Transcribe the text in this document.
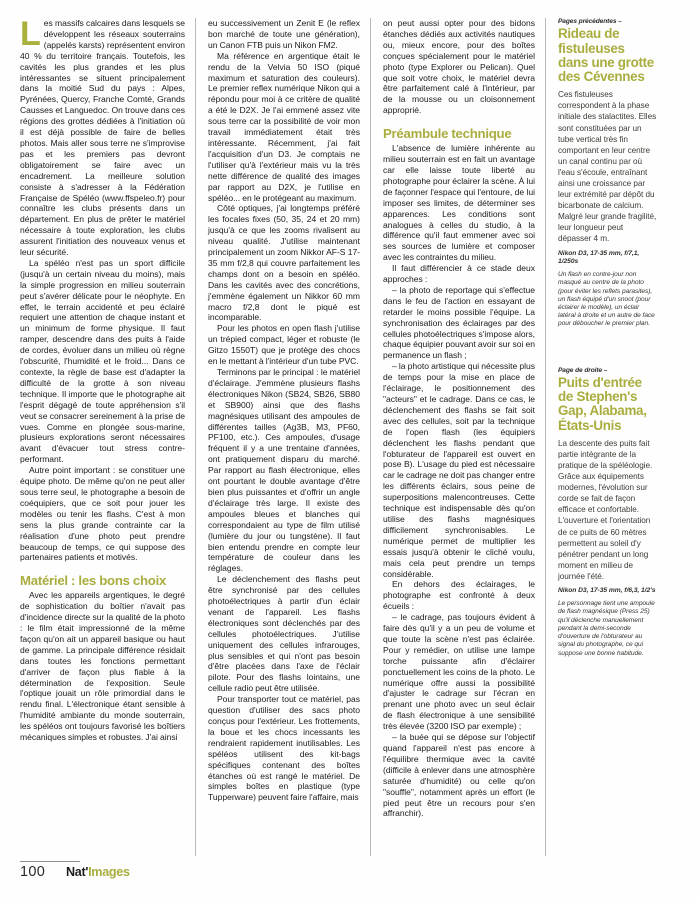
Les massifs calcaires dans lesquels se développent les réseaux souterrains (appelés karsts) représentent environ 40 % du territoire français. Toutefois, les cavités les plus grandes et les plus intéressantes se situent principalement dans la moitié Sud du pays : Alpes, Pyrénées, Quercy, Franche Comté, Grands Causses et Languedoc. On trouve dans ces régions des grottes dédiées à l'initiation où il est déjà possible de faire de belles photos. Mais aller sous terre ne s'improvise pas et les premiers pas devront obligatoirement se faire avec un encadrement. La meilleure solution consiste à s'adresser à la Fédération Française de Spéléo (www.ffspeleo.fr) pour connaître les clubs présents dans un département. En plus de prêter le matériel nécessaire à toute exploration, les clubs assurent l'initiation des nouveaux venus et leur sécurité.

La spéléo n'est pas un sport difficile (jusqu'à un certain niveau du moins), mais la simple progression en milieu souterrain peut s'avérer délicate pour le néophyte. En effet, le terrain accidenté et peu éclairé requiert une attention de chaque instant et un minimum de forme physique. Il faut ramper, descendre dans des puits à l'aide de cordes, évoluer dans un milieu où règne l'obscurité, l'humidité et le froid... Dans ce contexte, la règle de base est d'adapter la difficulté de la grotte à son niveau technique. Il importe que le photographe ait l'esprit dégagé de toute appréhension s'il veut se consacrer sereinement à la prise de vues. Comme en plongée sous-marine, plusieurs explorations seront nécessaires avant d'évacuer tout stress contre-performant.

Autre point important : se constituer une équipe photo. De même qu'on ne peut aller sous terre seul, le photographe a besoin de coéquipiers, que ce soit pour jouer les modèles ou tenir les flashs. C'est à mon sens la plus grande contrainte car la réalisation d'une photo peut prendre beaucoup de temps, ce qui suppose des partenaires patients et motivés.

Matériel : les bons choix

Avec les appareils argentiques, le degré de sophistication du boîtier n'avait pas d'incidence directe sur la qualité de la photo : le film était impressionné de la même façon qu'on ait un appareil basique ou haut de gamme. La principale différence résidait dans toutes les fonctions permettant d'arriver de façon plus fiable à la détermination de l'exposition. Seule l'optique jouait un rôle primordial dans le rendu final. L'électronique étant sensible à l'humidité ambiante du monde souterrain, les spéléos ont toujours favorisé les boîtiers mécaniques simples et robustes. J'ai ainsi

eu successivement un Zenit E (le reflex bon marché de toute une génération), un Canon FTB puis un Nikon FM2.

Ma référence en argentique était le rendu de la Velvia 50 ISO (piqué maximum et saturation des couleurs). Le premier reflex numérique Nikon qui a répondu pour moi à ce critère de qualité a été le D2X. Je l'ai emmené assez vite sous terre car la possibilité de voir mon travail immédiatement était très intéressante. Récemment, j'ai fait l'acquisition d'un D3. Je comptais ne l'utiliser qu'à l'extérieur mais vu la très nette différence de qualité des images par rapport au D2X, je l'utilise en spéléo... en le protégeant au maximum.

Côté optiques, j'ai longtemps préféré les focales fixes (50, 35, 24 et 20 mm) jusqu'à ce que les zooms rivalisent au niveau qualité. J'utilise maintenant principalement un zoom Nikkor AF-S 17-35 mm f/2,8 qui couvre parfaitement les champs dont on a besoin en spéléo. Dans les cavités avec des concrétions, j'emmène également un Nikkor 60 mm macro f/2,8 dont le piqué est incomparable.

Pour les photos en open flash j'utilise un trépied compact, léger et robuste (le Gitzo 1550T) que je protège des chocs en le mettant à l'intérieur d'un tube PVC.

Terminons par le principal : le matériel d'éclairage. J'emmène plusieurs flashs électroniques Nikon (SB24, SB26, SB80 et SB900) ainsi que des flashs magnésiques utilisant des ampoules de différentes tailles (Ag3B, M3, PF60, PF100, etc.). Ces ampoules, d'usage fréquent il y a une trentaine d'années, ont pratiquement disparu du marché. Par rapport au flash électronique, elles ont pourtant le double avantage d'être bien plus puissantes et d'offrir un angle d'éclairage très large. Il existe des ampoules bleues et blanches qui correspondaient au type de film utilisé (lumière du jour ou tungstène). Il faut bien entendu prendre en compte leur température de couleur dans les réglages.

Le déclenchement des flashs peut être synchronisé par des cellules photoélectriques à partir d'un éclair venant de l'appareil. Les flashs électroniques sont déclenchés par des cellules photoélectriques. J'utilise uniquement des cellules infrarouges, plus sensibles et qui n'ont pas besoin d'être placées dans l'axe de l'éclair pilote. Pour des flashs lointains, une cellule radio peut être utilisée.

Pour transporter tout ce matériel, pas question d'utiliser des sacs photo conçus pour l'extérieur. Les frottements, la boue et les chocs incessants les rendraient rapidement inutilisables. Les spéléos utilisent des kit-bags spécifiques contenant des boîtes étanches où est rangé le matériel. De simples boîtes en plastique (type Tupperware) peuvent faire l'affaire, mais

on peut aussi opter pour des bidons étanches dédiés aux activités nautiques ou, mieux encore, pour des boîtes conçues spécialement pour le matériel photo (type Explorer ou Pelican). Quel que soit votre choix, le matériel devra être parfaitement calé à l'intérieur, par de la mousse ou un cloisonnement approprié.

Préambule technique

L'absence de lumière inhérente au milieu souterrain est en fait un avantage car elle laisse toute liberté au photographe pour éclairer la scène. À lui de façonner l'espace qui l'entoure, de lui imposer ses limites, de déterminer ses apparences. Les conditions sont analogues à celles du studio, à la différence qu'il faut emmener avec soi ses sources de lumière et composer avec les contraintes du milieu.

Il faut différencier à ce stade deux approches :

– la photo de reportage qui s'effectue dans le feu de l'action en essayant de retarder le moins possible l'équipe. La synchronisation des éclairages par des cellules photoélectriques s'impose alors, chaque équipier pouvant avoir sur soi en permanence un flash ;

– la photo artistique qui nécessite plus de temps pour la mise en place de l'éclairage, le positionnement des "acteurs" et le cadrage. Dans ce cas, le déclenchement des flashs se fait soit avec des cellules, soit par la technique de l'open flash (les équipiers déclenchent les flashs pendant que l'obturateur de l'appareil est ouvert en pose B). L'usage du pied est nécessaire car le cadrage ne doit pas changer entre les différents éclairs, sous peine de superpositions malencontreuses. Cette technique est indispensable dès qu'on utilise des flashs magnésiques difficilement synchronisables. Le numérique permet de multiplier les essais jusqu'à obtenir le cliché voulu, mais cela peut prendre un temps considérable.

En dehors des éclairages, le photographe est confronté à deux écueils :

– le cadrage, pas toujours évident à faire dès qu'il y a un peu de volume et que toute la scène n'est pas éclairée. Pour y remédier, on utilise une lampe torche puissante afin d'éclairer ponctuellement les coins de la photo. Le numérique offre aussi la possibilité d'ajuster le cadrage sur l'écran en prenant une photo avec un seul éclair de flash électronique à une sensibilité très élevée (3200 ISO par exemple) ;

– la buée qui se dépose sur l'objectif quand l'appareil n'est pas encore à l'équilibre thermique avec la cavité (difficile à enlever dans une atmosphère saturée d'humidité) ou celle qu'on "souffle", notamment après un effort (le pied peut être un recours pour s'en affranchir).

Pages précédentes –
Rideau de fistuleuses dans une grotte des Cévennes
Ces fistuleuses correspondent à la phase initiale des stalactites. Elles sont constituées par un tube vertical très fin comportant en leur centre un canal continu par où l'eau s'écoule, entraînant ainsi une croissance par leur extrémité par dépôt du bicarbonate de calcium. Malgré leur grande fragilité, leur longueur peut dépasser 4 m.
Nikon D3, 17-35 mm, f/7,1, 1/250s
Un flash en contre-jour non masqué au centre de la photo (pour éviter les reflets parasites), un flash équipé d'un snoot (pour éclairer le modèle), un éclair latéral à droite et un autre de face pour déboucher le premier plan.
Page de droite –
Puits d'entrée de Stephen's Gap, Alabama, États-Unis
La descente des puits fait partie intégrante de la pratique de la spéléologie. Grâce aux équipements modernes, l'évolution sur corde se fait de façon efficace et confortable. L'ouverture et l'orientation de ce puits de 60 mètres permettent au soleil d'y pénétrer pendant un long moment en milieu de journée l'été.
Nikon D3, 17-35 mm, f/6,3, 1/2's
Le personnage tient une ampoule de flash magnésique (Press 25) qu'il déclenche manuellement pendant la demi-seconde d'ouverture de l'obturateur au signal du photographe, ce qui suppose une bonne habitude.
100	Nat'Images
